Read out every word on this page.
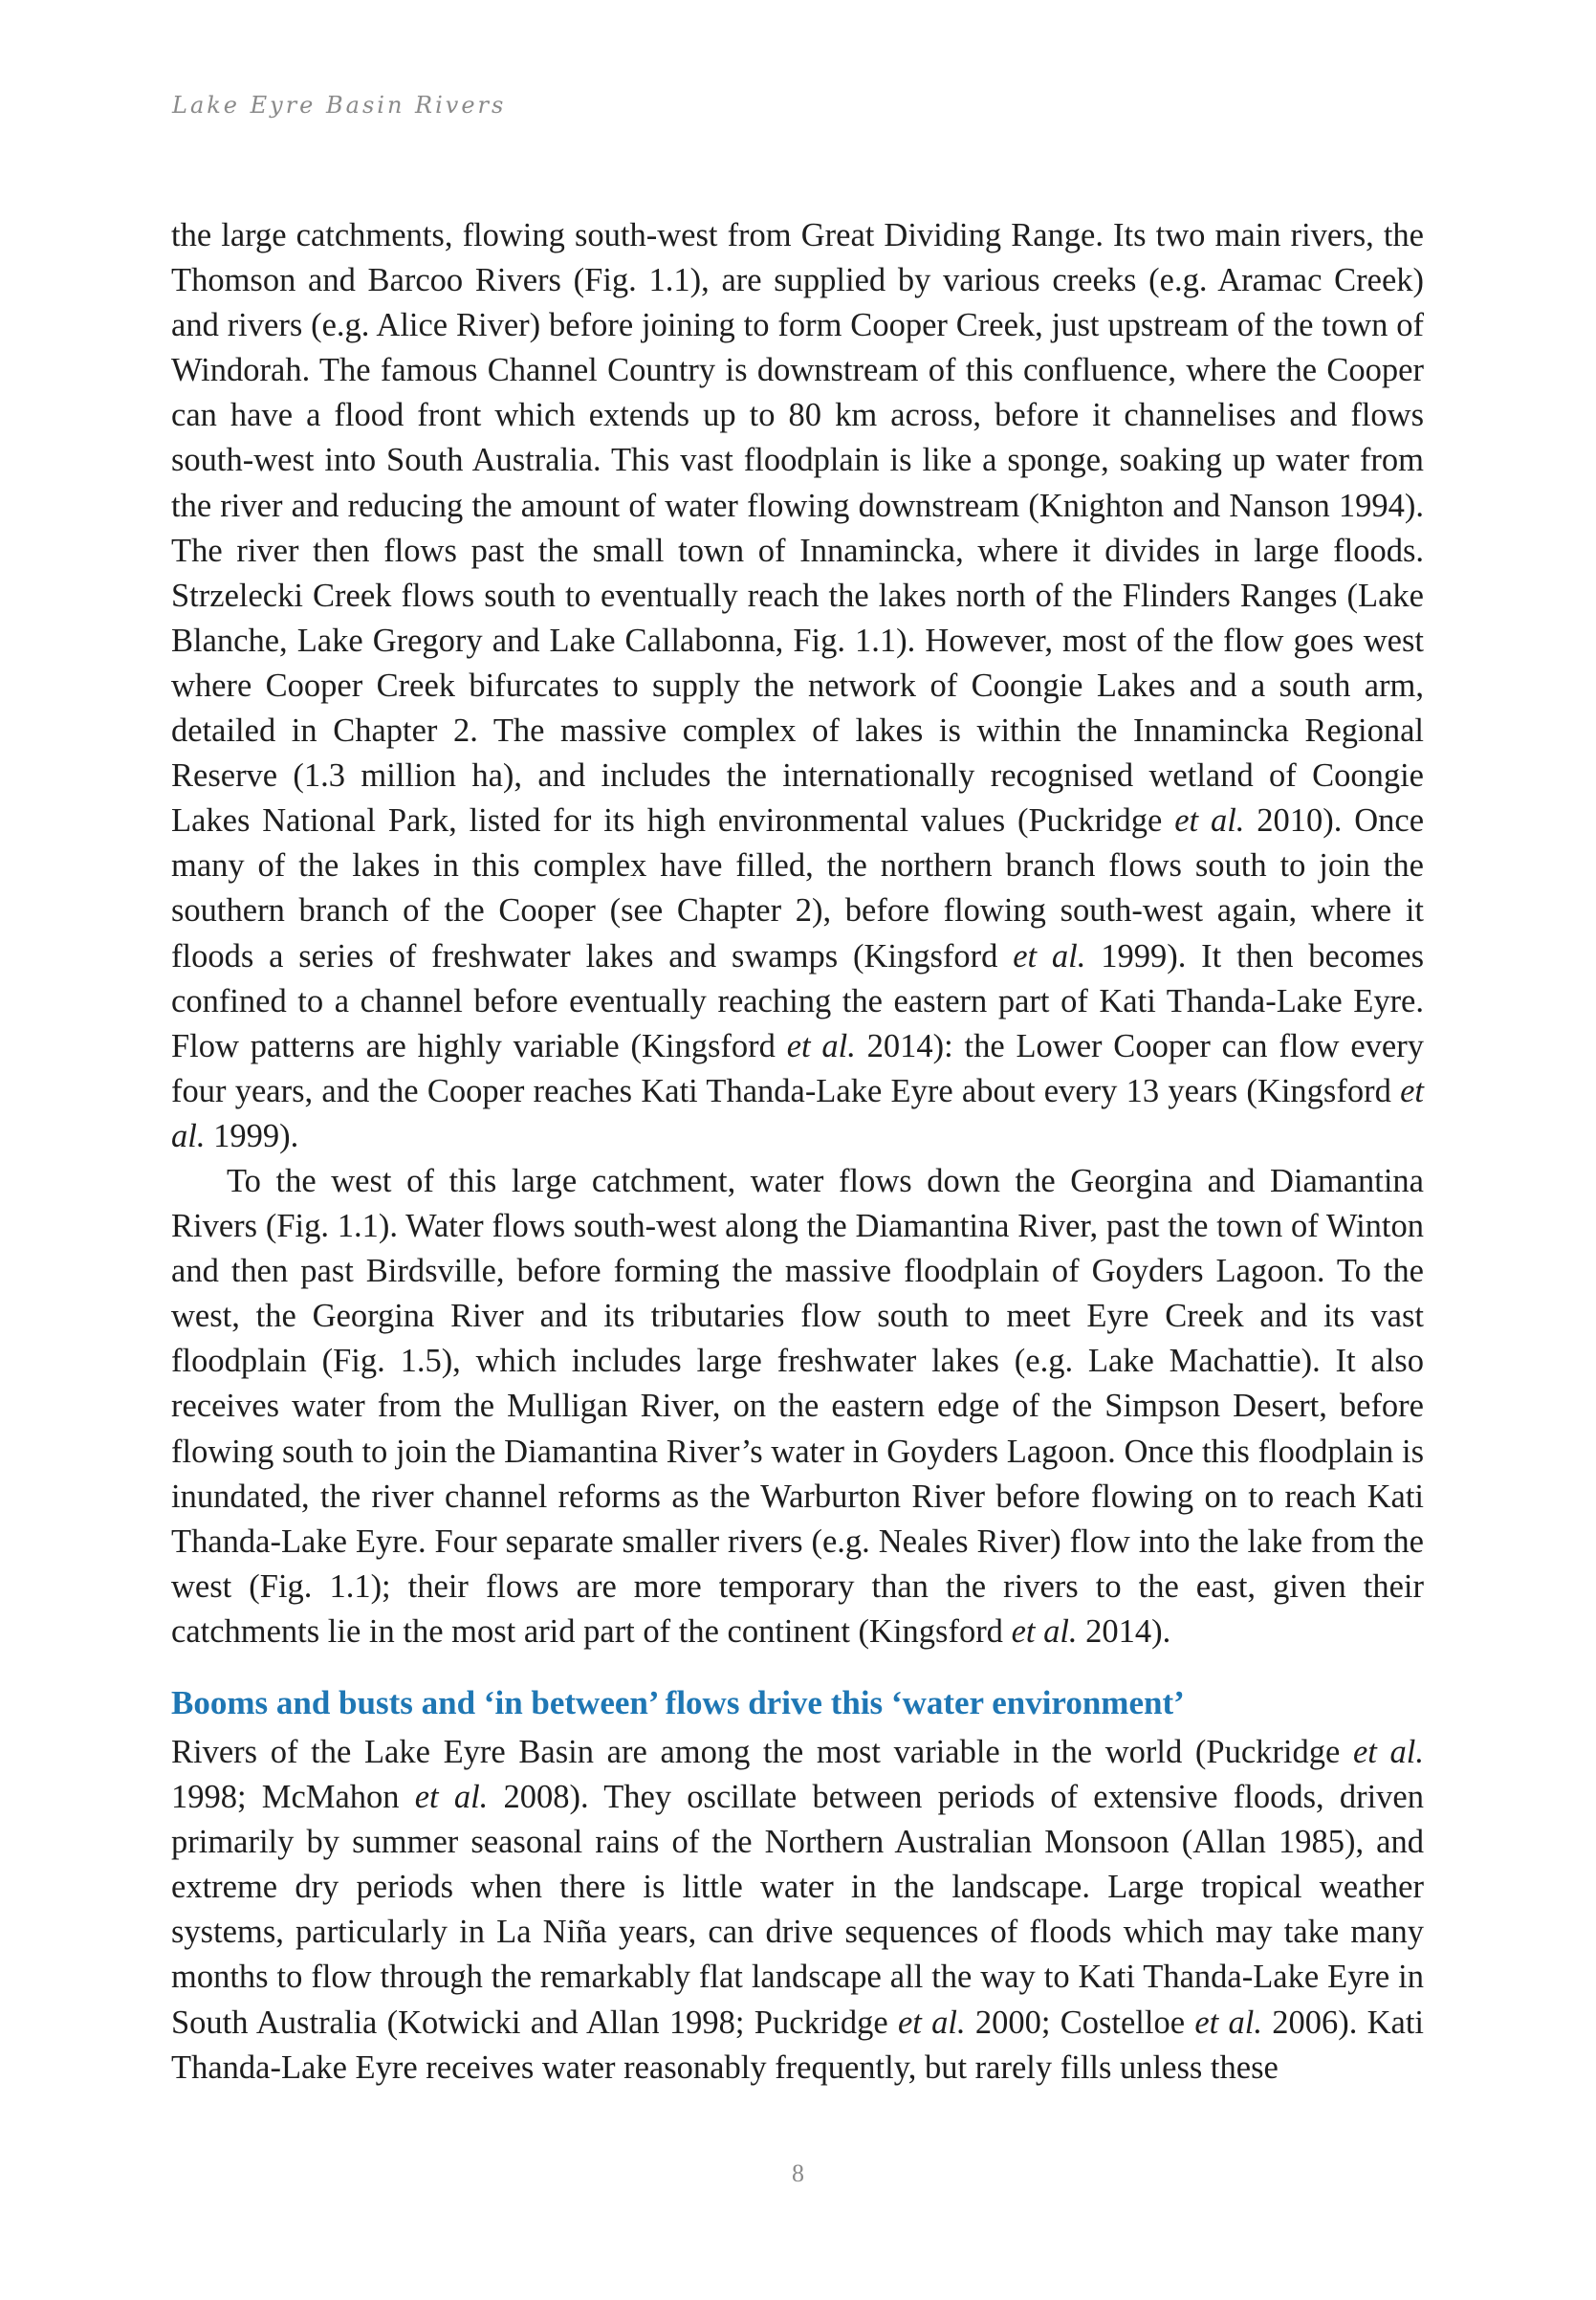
Lake Eyre Basin Rivers

the large catchments, flowing south-west from Great Dividing Range. Its two main rivers, the Thomson and Barcoo Rivers (Fig. 1.1), are supplied by various creeks (e.g. Aramac Creek) and rivers (e.g. Alice River) before joining to form Cooper Creek, just upstream of the town of Windorah. The famous Channel Country is downstream of this confluence, where the Cooper can have a flood front which extends up to 80 km across, before it channelises and flows south-west into South Australia. This vast floodplain is like a sponge, soaking up water from the river and reducing the amount of water flowing downstream (Knighton and Nanson 1994). The river then flows past the small town of Innamincka, where it divides in large floods. Strzelecki Creek flows south to eventually reach the lakes north of the Flinders Ranges (Lake Blanche, Lake Gregory and Lake Callabonna, Fig. 1.1). However, most of the flow goes west where Cooper Creek bifurcates to supply the network of Coongie Lakes and a south arm, detailed in Chapter 2. The massive complex of lakes is within the Innamincka Regional Reserve (1.3 million ha), and includes the internationally recognised wetland of Coongie Lakes National Park, listed for its high environmental values (Puckridge et al. 2010). Once many of the lakes in this complex have filled, the northern branch flows south to join the southern branch of the Cooper (see Chapter 2), before flowing south-west again, where it floods a series of freshwater lakes and swamps (Kingsford et al. 1999). It then becomes confined to a channel before eventually reaching the eastern part of Kati Thanda-Lake Eyre. Flow patterns are highly variable (Kingsford et al. 2014): the Lower Cooper can flow every four years, and the Cooper reaches Kati Thanda-Lake Eyre about every 13 years (Kingsford et al. 1999).

To the west of this large catchment, water flows down the Georgina and Diamantina Rivers (Fig. 1.1). Water flows south-west along the Diamantina River, past the town of Winton and then past Birdsville, before forming the massive floodplain of Goyders Lagoon. To the west, the Georgina River and its tributaries flow south to meet Eyre Creek and its vast floodplain (Fig. 1.5), which includes large freshwater lakes (e.g. Lake Machattie). It also receives water from the Mulligan River, on the eastern edge of the Simpson Desert, before flowing south to join the Diamantina River’s water in Goyders Lagoon. Once this floodplain is inundated, the river channel reforms as the Warburton River before flowing on to reach Kati Thanda-Lake Eyre. Four separate smaller rivers (e.g. Neales River) flow into the lake from the west (Fig. 1.1); their flows are more temporary than the rivers to the east, given their catchments lie in the most arid part of the continent (Kingsford et al. 2014).

Booms and busts and ‘in between’ flows drive this ‘water environment’

Rivers of the Lake Eyre Basin are among the most variable in the world (Puckridge et al. 1998; McMahon et al. 2008). They oscillate between periods of extensive floods, driven primarily by summer seasonal rains of the Northern Australian Monsoon (Allan 1985), and extreme dry periods when there is little water in the landscape. Large tropical weather systems, particularly in La Niña years, can drive sequences of floods which may take many months to flow through the remarkably flat landscape all the way to Kati Thanda-Lake Eyre in South Australia (Kotwicki and Allan 1998; Puckridge et al. 2000; Costelloe et al. 2006). Kati Thanda-Lake Eyre receives water reasonably frequently, but rarely fills unless these

8
